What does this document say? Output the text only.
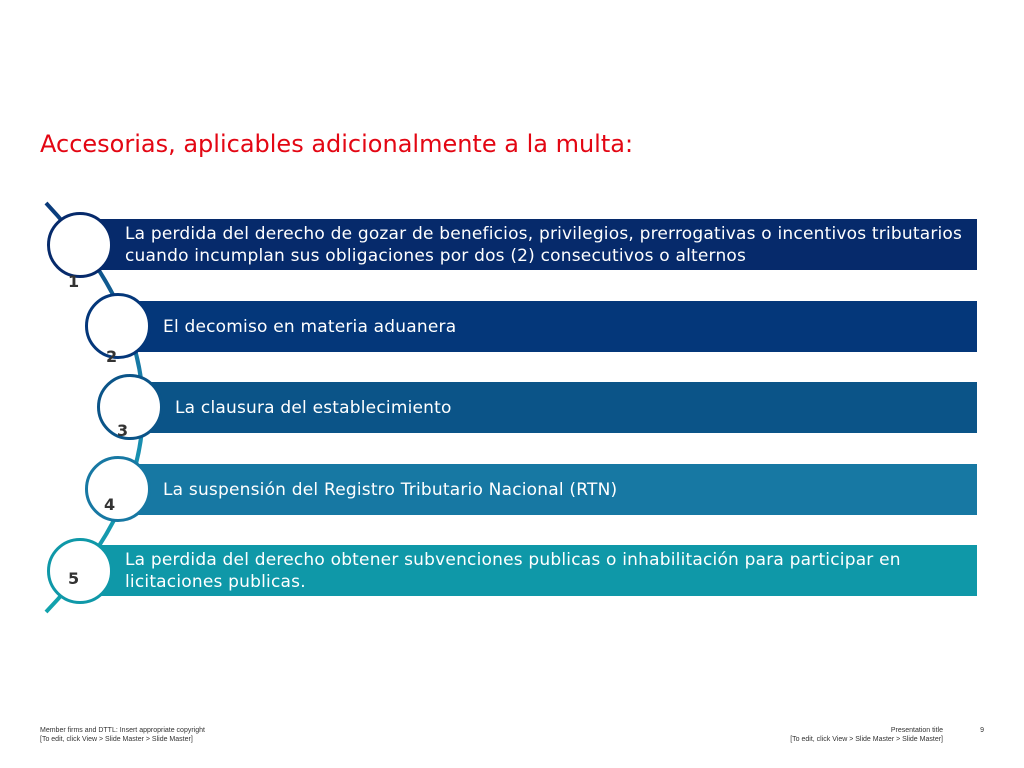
Accesorias, aplicables adicionalmente a la multa:
La perdida del derecho de gozar de beneficios, privilegios, prerrogativas o incentivos tributarios cuando incumplan sus obligaciones por dos (2) consecutivos o alternos
El decomiso en materia aduanera
La clausura del establecimiento
La suspensión del Registro Tributario Nacional (RTN)
La perdida del derecho obtener subvenciones publicas o inhabilitación para participar en licitaciones publicas.
1
2
3
4
5
Member firms and DTTL: Insert appropriate copyright
[To edit, click View > Slide Master > Slide Master]
Presentation title
[To edit, click View > Slide Master > Slide Master]
9
